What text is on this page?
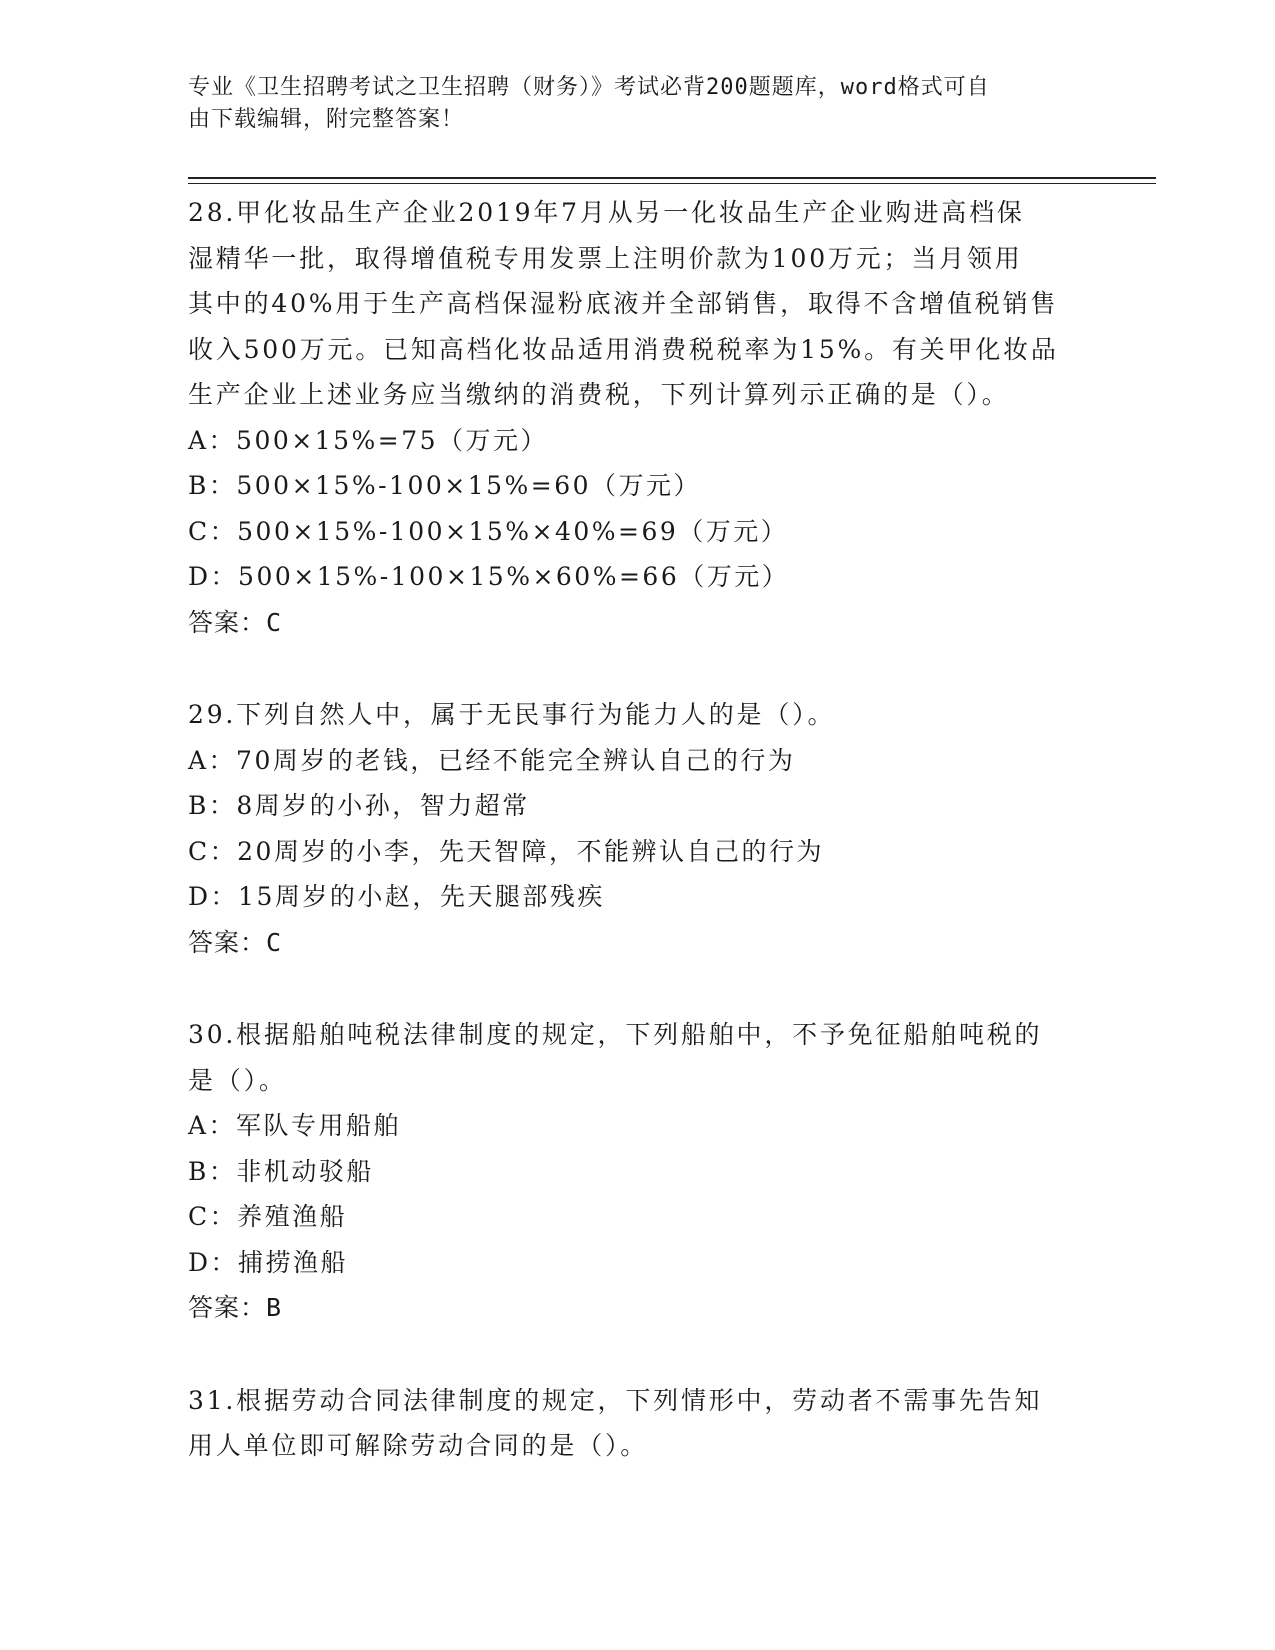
专业《卫生招聘考试之卫生招聘（财务）》考试必背200题题库，word格式可自
由下载编辑，附完整答案！
28.甲化妆品生产企业2019年7月从另一化妆品生产企业购进高档保
湿精华一批，取得增值税专用发票上注明价款为100万元；当月领用
其中的40%用于生产高档保湿粉底液并全部销售，取得不含增值税销售
收入500万元。已知高档化妆品适用消费税税率为15%。有关甲化妆品
生产企业上述业务应当缴纳的消费税，下列计算列示正确的是（）。
A：500×15%=75（万元）
B：500×15%-100×15%=60（万元）
C：500×15%-100×15%×40%=69（万元）
D：500×15%-100×15%×60%=66（万元）
答案：C
29.下列自然人中，属于无民事行为能力人的是（）。
A：70周岁的老钱，已经不能完全辨认自己的行为
B：8周岁的小孙，智力超常
C：20周岁的小李，先天智障，不能辨认自己的行为
D：15周岁的小赵，先天腿部残疾
答案：C
30.根据船舶吨税法律制度的规定，下列船舶中，不予免征船舶吨税的
是（）。
A：军队专用船舶
B：非机动驳船
C：养殖渔船
D：捕捞渔船
答案：B
31.根据劳动合同法律制度的规定，下列情形中，劳动者不需事先告知
用人单位即可解除劳动合同的是（）。
